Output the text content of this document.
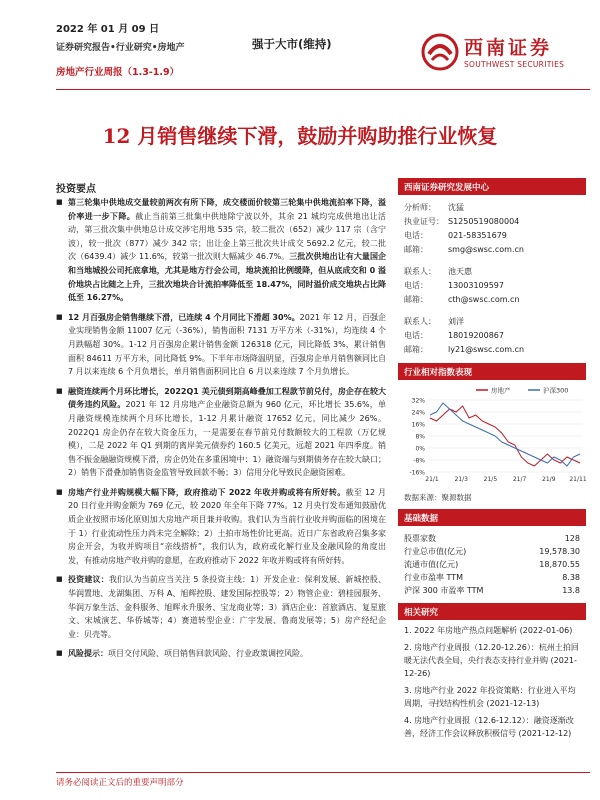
2022 年 01 月 09 日
证券研究报告•行业研究•房地产
房地产行业周报（1.3-1.9）
强于大市(维持)	西南证券
SOUTHWEST SECURITIES
12 月销售继续下滑，鼓励并购助推行业恢复
投资要点
■ 第三轮集中供地成交量较前两次有所下降，成交楼面价较第三轮集中供地流拍率下降，溢价率进一步下降。截止当前第三批集中供地除宁波以外，其余 21 城均完成供地出让活动，第三批次集中供地总计成交涉宅用地 535 宗，较二批次（652）减少 117 宗（含宁波），较一批次（877）减少 342 宗；出让金上第三批次共计成交 5692.2 亿元，较二批次（6439.4）减少 11.6%，较第一批次则大幅减少 46.7%。三批次供地出让有大量国企和当地城投公司托底拿地，尤其是地方行会公司，地块流拍比例缓降，但从底成交和 0 溢价地块占比随之上升，三批次地块合计流拍率降低至 18.47%，同时溢价成交地块占比降低至 16.27%。
■ 12 月百强房企销售继续下滑，已连续 4 个月同比下滑超 30%。2021 年 12 月，百强企业实现销售金额 11007 亿元（-36%），销售面积 7131 万平方米（-31%），均连续 4 个月跌幅超 30%。1-12 月百强房企累计销售金额 126318 亿元，同比降低 3%，累计销售面积 84611 万平方米，同比降低 9%。下半年市场降温明显，百强房企单月销售额同比自 7 月以来连续 6 个月负增长，单月销售面积同比自 6 月以来连续 7 个月负增长。
■ 融资连续两个月环比增长，2022Q1 美元债到期高峰叠加工程款节前兑付，房企存在较大债务违约风险。2021 年 12 月房地产企业融资总额为 960 亿元，环比增长 35.6%，单月融资规模连续两个月环比增长，1-12 月累计融资 17652 亿元，同比减少 26%。2022Q1 房企仍存在较大资金压力，一是需要在春节前兑付数额较大的工程款（万亿规模），二是 2022 年 Q1 到期的离岸美元债券约 160.5 亿美元，远超 2021 年四季度。销售不振金融融资规模下滑，房企仍处在多重困境中：1）融资端与到期债务存在较大缺口；2）销售下滑叠加销售资金监管导致回款不畅；3）信用分化导致民企融资困难。
■ 房地产行业并购规模大幅下降，政府推动下 2022 年收并购或将有所好转。截至 12 月 20 日行业并购金额为 769 亿元，较 2020 年全年下降 77%。12 月央行发布通知鼓励优质企业按照市场化原则加大房地产项目兼并收购。我们认为当前行业收并购面临的困境在于 1）行业流动性压力尚未完全解除；2）土拍市场性价比更高。近日广东省政府召集多家房企开会，为收并购项目“亲线搭桥”，我们认为，政府或化解行业及金融风险的角度出发，有推动房地产收并购的意愿，在政府推动下 2022 年收并购或将有所好转。
■ 投资建议：我们认为当前应当关注 5 条投资主线：1）开发企业：保利发展、新城控股、华润置地、龙湖集团、万科 A、旭辉控股、建发国际控股等；2）物管企业：碧桂园服务、华润万象生活、金科服务、旭辉永升服务、宝龙商业等；3）酒店企业：首旅酒店、复星旅文、宋城演艺、华侨城等；4）赛道转型企业：广宇发展、鲁商发展等；5）房产经纪企业：贝壳等。
■ 风险提示：项目交付风险、项目销售回款风险、行业政策调控风险。
西南证券研究发展中心
分析师：	沈猛
执业证号： S1250519080004
电话：	021-58351679
邮箱：	smg@swsc.com.cn
联系人：	池天惠
电话：	13003109597
邮箱：	cth@swsc.com.cn
联系人：	刘洋
电话：	18019200867
邮箱：	ly21@swsc.com.cn
行业相对指数表现
32%
24%
16%
8%
0%
-8%
-16%
21/1	21/3	21/5	21/7	21/9 21/11
房地产	沪深300
数据来源：聚源数据
基础数据
股票家数	128
行业总市值(亿元)	19,578.30
流通市值(亿元)	18,870.55
行业市盈率 TTM	8.38
沪深 300 市盈率 TTM	13.8
相关研究
1. 2022 年房地产热点问题解析 (2022-01-06)
2. 房地产行业周报（12.20-12.26）：杭州土拍回暖无法代表全局，央行表态支持行业并购 (2021-12-26)
3. 房地产行业 2022 年投资策略：行业进入平均周期，寻找结构性机会 (2021-12-13)
4. 房地产行业周报（12.6-12.12）：融资逐渐改善，经济工作会议释放积极信号 (2021-12-12)
请务必阅读正文后的重要声明部分
